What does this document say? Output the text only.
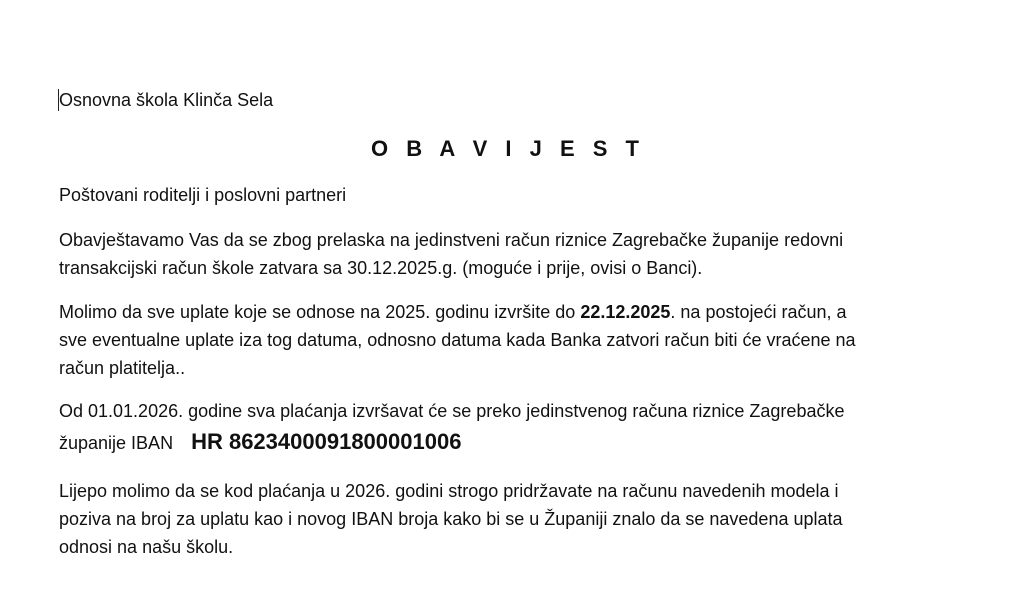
Osnovna škola Klinča Sela
O B A V I J E S T
Poštovani roditelji i poslovni partneri
Obavještavamo Vas da se zbog prelaska na jedinstveni račun riznice Zagrebačke županije redovni
transakcijski račun škole zatvara sa 30.12.2025.g. (moguće i prije, ovisi o Banci).
Molimo da sve uplate koje se odnose na 2025. godinu izvršite do 22.12.2025. na postojeći račun, a
sve eventualne uplate iza tog datuma, odnosno datuma kada Banka zatvori račun biti će vraćene na
račun platitelja..
Od 01.01.2026. godine sva plaćanja izvršavat će se preko jedinstvenog računa riznice Zagrebačke
županije IBAN HR 8623400091800001006
Lijepo molimo da se kod plaćanja u 2026. godini strogo pridržavate na računu navedenih modela i
poziva na broj za uplatu kao i novog IBAN broja kako bi se u Županiji znalo da se navedena uplata
odnosi na našu školu.
